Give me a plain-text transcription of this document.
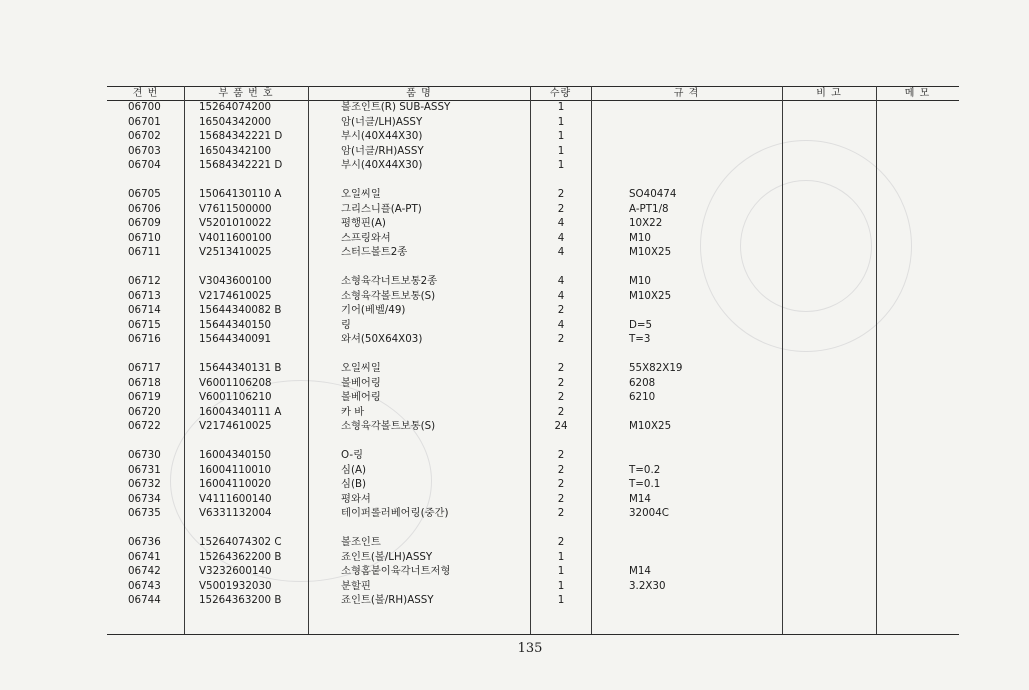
견 번	부 품 번 호	품 명	수량	규 격	비 고	메 모
06700	15264074200	볼조인트(R) SUB-ASSY	1
06701	16504342000	암(너클/LH)ASSY	1
06702	15684342221 D	부시(40X44X30)	1
06703	16504342100	암(너클/RH)ASSY	1
06704	15684342221 D	부시(40X44X30)	1
06705	15064130110 A	오일씨일	2	SO40474
06706	V7611500000	그리스니플(A-PT)	2	A-PT1/8
06709	V5201010022	평행핀(A)	4	10X22
06710	V4011600100	스프링와셔	4	M10
06711	V2513410025	스터드볼트2종	4	M10X25
06712	V3043600100	소형육각너트보통2종	4	M10
06713	V2174610025	소형육각볼트보통(S)	4	M10X25
06714	15644340082 B	기어(베벨/49)	2
06715	15644340150	링	4	D=5
06716	15644340091	와셔(50X64X03)	2	T=3
06717	15644340131 B	오일씨일	2	55X82X19
06718	V6001106208	볼베어링	2	6208
06719	V6001106210	볼베어링	2	6210
06720	16004340111 A	카 바	2
06722	V2174610025	소형육각볼트보통(S)	24	M10X25
06730	16004340150	O-링	2
06731	16004110010	심(A)	2	T=0.2
06732	16004110020	심(B)	2	T=0.1
06734	V4111600140	평와셔	2	M14
06735	V6331132004	테이퍼롤러베어링(중간)	2	32004C
06736	15264074302 C	볼조인트	2
06741	15264362200 B	죠인트(볼/LH)ASSY	1
06742	V3232600140	소형홈붙이육각너트저형	1	M14
06743	V5001932030	분할핀	1	3.2X30
06744	15264363200 B	죠인트(볼/RH)ASSY	1
135
